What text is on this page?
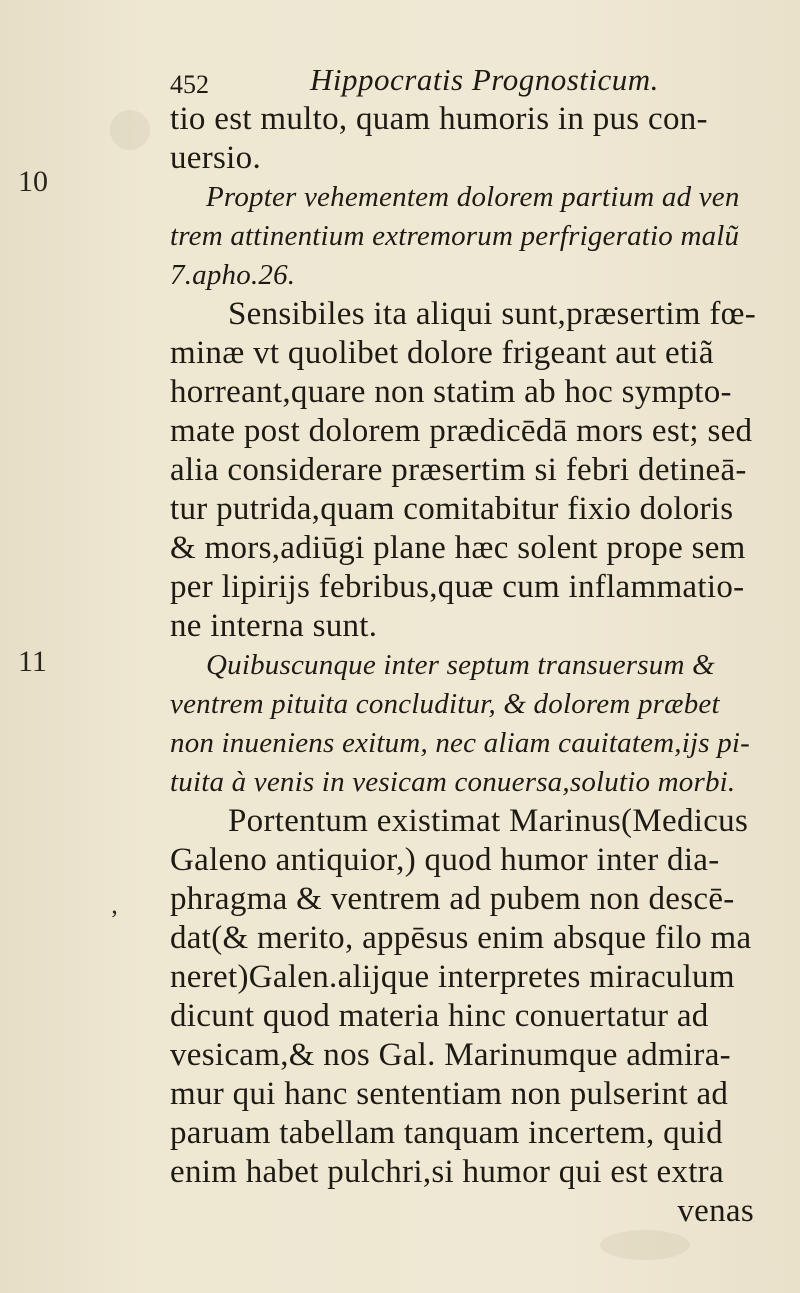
452	Hippocratis Prognosticum.
10
11
ʼ
tio est multo, quam humoris in pus con-
uersio.
Propter vehementem dolorem partium ad ven
trem attinentium extremorum perfrigeratio malũ
7.apho.26.
Sensibiles ita aliqui sunt,præsertim fœ-
minæ vt quolibet dolore frigeant aut etiã
horreant,quare non statim ab hoc sympto-
mate post dolorem prædicēdā mors est; sed
alia considerare præsertim si febri detineā-
tur putrida,quam comitabitur fixio doloris
& mors,adiūgi plane hæc solent prope sem
per lipirijs febribus,quæ cum inflammatio-
ne interna sunt.
Quibuscunque inter septum transuersum &
ventrem pituita concluditur, & dolorem præbet
non inueniens exitum, nec aliam cauitatem,ijs pi-
tuita à venis in vesicam conuersa,solutio morbi.
Portentum existimat Marinus(Medicus
Galeno antiquior,) quod humor inter dia-
phragma & ventrem ad pubem non descē-
dat(& merito, appēsus enim absque filo ma
neret)Galen.alijque interpretes miraculum
dicunt quod materia hinc conuertatur ad
vesicam,& nos Gal. Marinumque admira-
mur qui hanc sententiam non pulserint ad
paruam tabellam tanquam incertem, quid
enim habet pulchri,si humor qui est extra
venas
